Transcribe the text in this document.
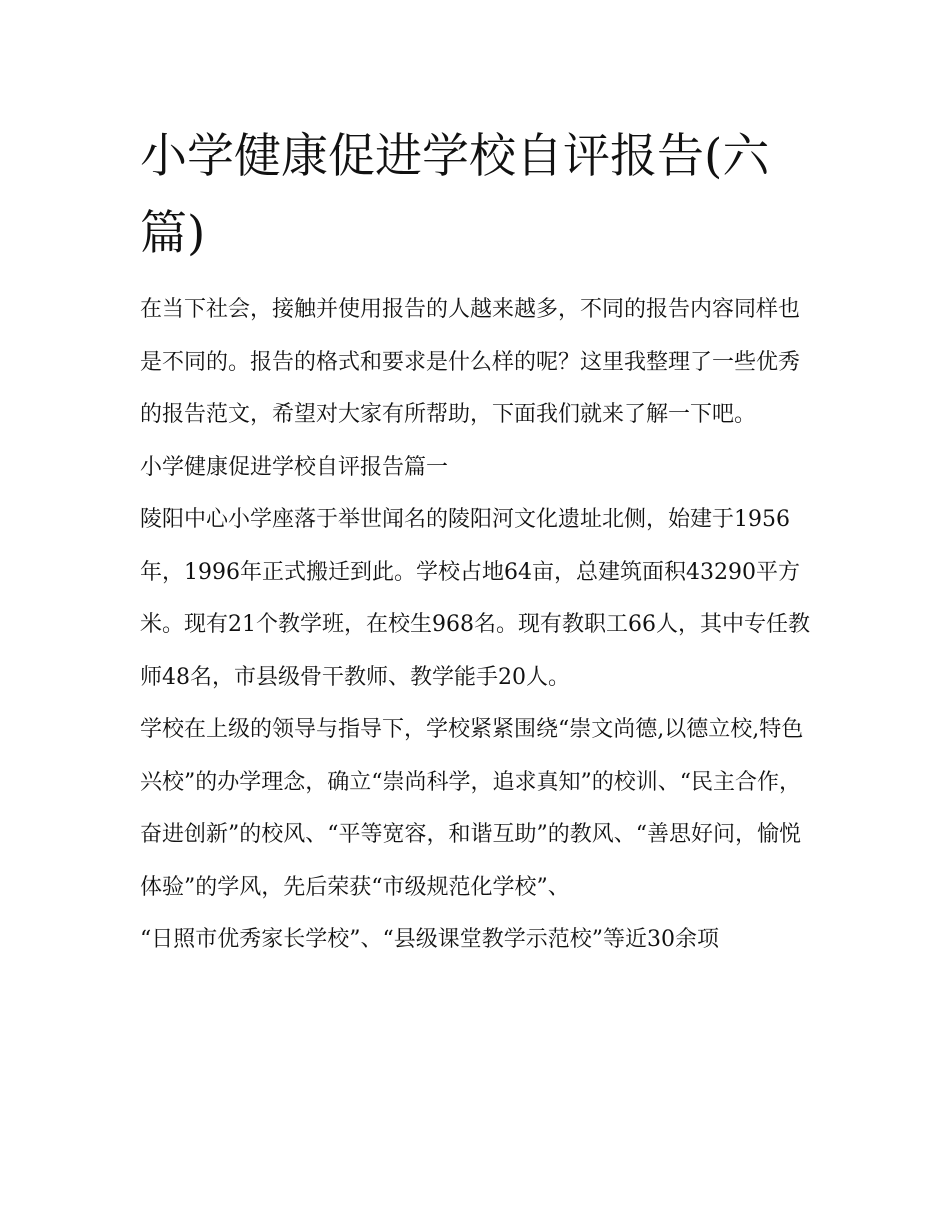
小学健康促进学校自评报告(六篇)

在当下社会，接触并使用报告的人越来越多，不同的报告内容同样也是不同的。报告的格式和要求是什么样的呢？这里我整理了一些优秀的报告范文，希望对大家有所帮助，下面我们就来了解一下吧。

小学健康促进学校自评报告篇一

陵阳中心小学座落于举世闻名的陵阳河文化遗址北侧，始建于1956年，1996年正式搬迁到此。学校占地64亩，总建筑面积43290平方米。现有21个教学班，在校生968名。现有教职工66人，其中专任教师48名，市县级骨干教师、教学能手20人。

学校在上级的领导与指导下，学校紧紧围绕“崇文尚德,以德立校,特色兴校”的办学理念，确立“崇尚科学，追求真知”的校训、“民主合作，奋进创新”的校风、“平等宽容，和谐互助”的教风、“善思好问，愉悦体验”的学风，先后荣获“市级规范化学校”、

“日照市优秀家长学校”、“县级课堂教学示范校”等近30余项
